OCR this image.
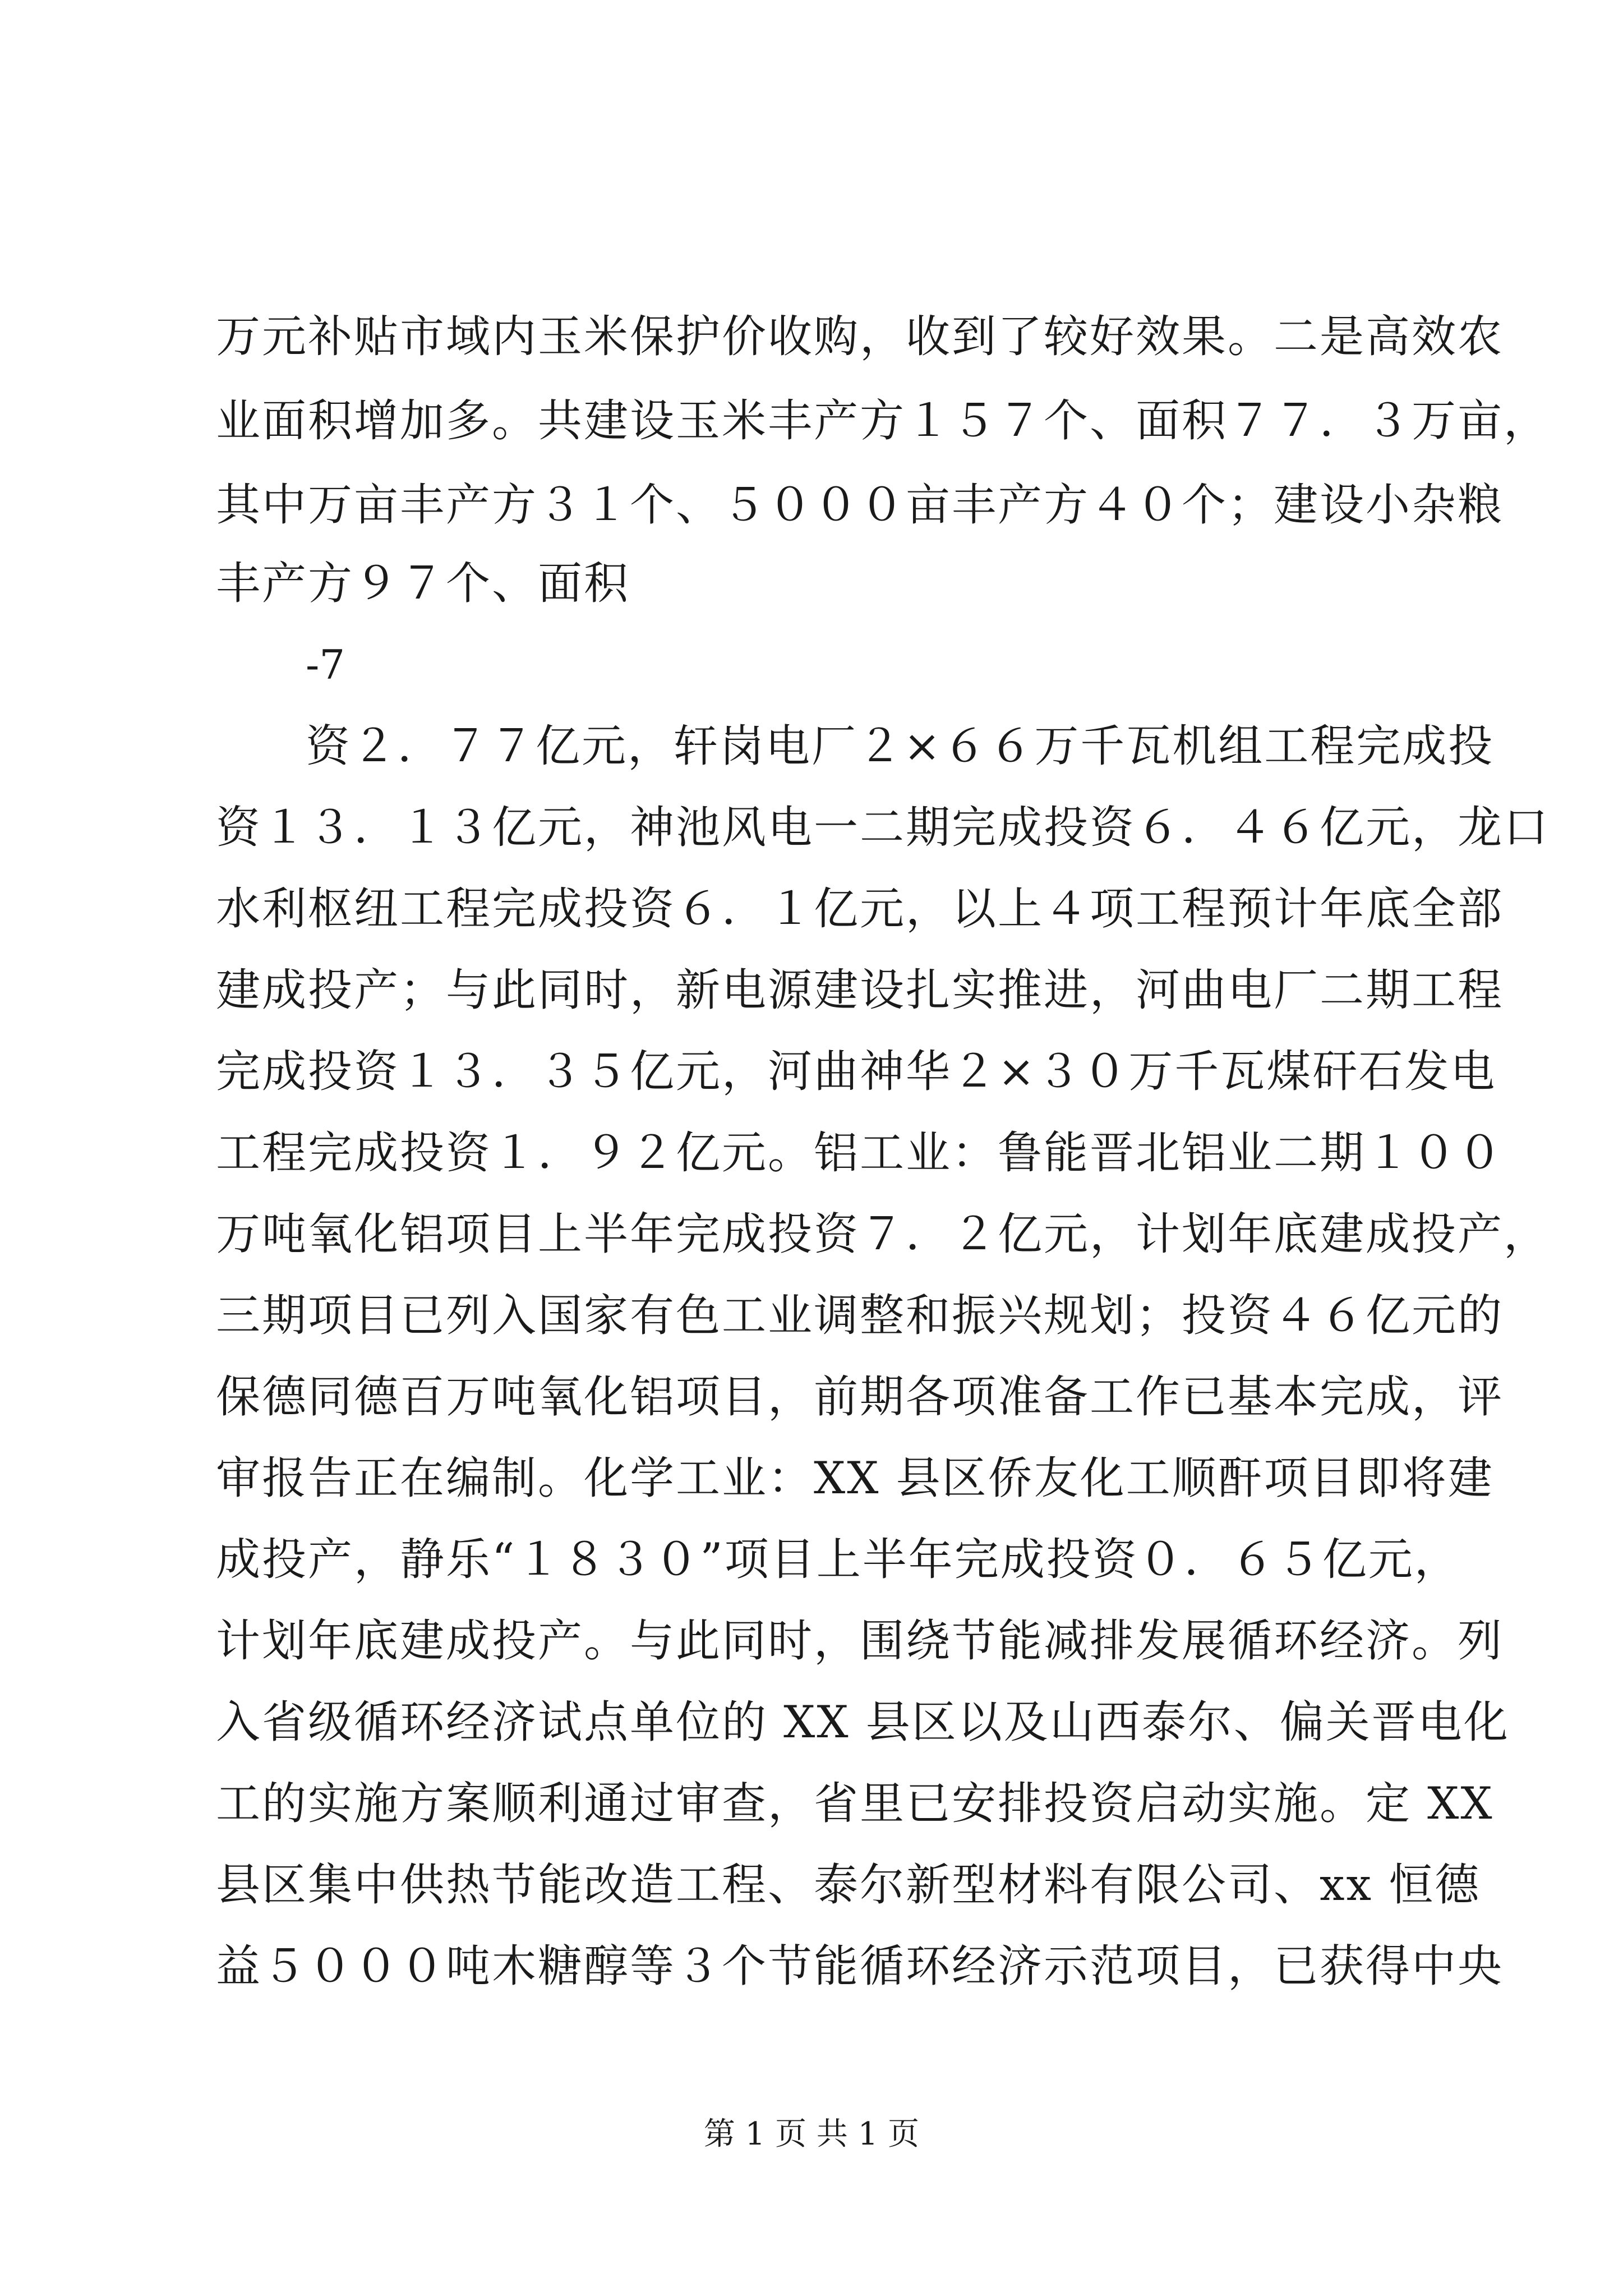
万元补贴市域内玉米保护价收购，收到了较好效果。二是高效农
业面积增加多。共建设玉米丰产方１５７个、面积７７．３万亩，
其中万亩丰产方３１个、５０００亩丰产方４０个；建设小杂粮
丰产方９７个、面积
-7
资２．７７亿元，轩岗电厂２×６６万千瓦机组工程完成投
资１３．１３亿元，神池风电一二期完成投资６．４６亿元，龙口
水利枢纽工程完成投资６．１亿元，以上４项工程预计年底全部
建成投产；与此同时，新电源建设扎实推进，河曲电厂二期工程
完成投资１３．３５亿元，河曲神华２×３０万千瓦煤矸石发电
工程完成投资１．９２亿元。铝工业：鲁能晋北铝业二期１００
万吨氧化铝项目上半年完成投资７．２亿元，计划年底建成投产，
三期项目已列入国家有色工业调整和振兴规划；投资４６亿元的
保德同德百万吨氧化铝项目，前期各项准备工作已基本完成，评
审报告正在编制。化学工业：XX 县区侨友化工顺酐项目即将建
成投产，静乐“１８３０”项目上半年完成投资０．６５亿元，
计划年底建成投产。与此同时，围绕节能减排发展循环经济。列
入省级循环经济试点单位的 XX 县区以及山西泰尔、偏关晋电化
工的实施方案顺利通过审查，省里已安排投资启动实施。定 XX
县区集中供热节能改造工程、泰尔新型材料有限公司、xx 恒德
益５０００吨木糖醇等３个节能循环经济示范项目，已获得中央
第 1 页 共 1 页
